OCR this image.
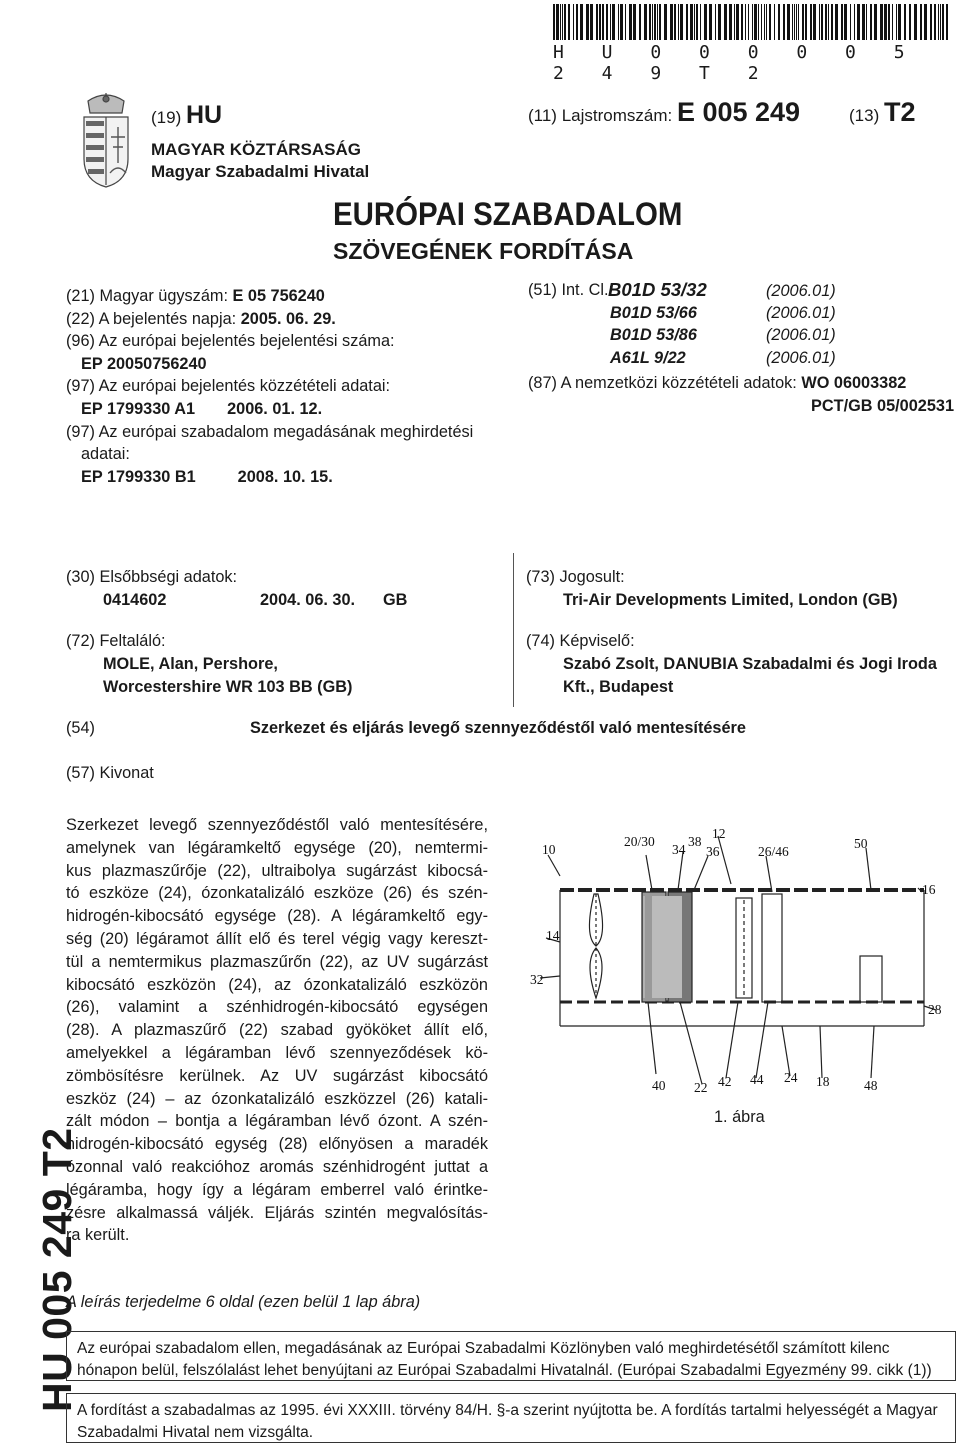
H U 0 0 0 0 0 5 2 4 9 T 2
(19) HU	(11) Lajstromszám: E 005 249	(13) T2
MAGYAR KÖZTÁRSASÁG
Magyar Szabadalmi Hivatal
EURÓPAI SZABADALOM
SZÖVEGÉNEK FORDÍTÁSA
(21) Magyar ügyszám: E 05 756240
(22) A bejelentés napja: 2005. 06. 29.
(96) Az európai bejelentés bejelentési száma:
EP 20050756240
(97) Az európai bejelentés közzétételi adatai:
EP 1799330 A1 2006. 01. 12.
(97) Az európai szabadalom megadásának meghirdetési
adatai:
EP 1799330 B1	2008. 10. 15.
(51) Int. Cl.:
B01D 53/32	(2006.01)
B01D 53/66	(2006.01)
B01D 53/86	(2006.01)
A61L 9/22	(2006.01)
(87) A nemzetközi közzétételi adatok: WO 06003382
PCT/GB 05/002531
(30) Elsőbbségi adatok:
0414602	2004. 06. 30. GB
(72) Feltaláló:
MOLE, Alan, Pershore,
Worcestershire WR 103 BB (GB)
(73) Jogosult:
Tri-Air Developments Limited, London (GB)
(74) Képviselő:
Szabó Zsolt, DANUBIA Szabadalmi és Jogi Iroda
Kft., Budapest
(54)	Szerkezet és eljárás levegő szennyeződéstől való mentesítésére
(57) Kivonat

Szerkezet levegő szennyeződéstől való mentesítésére,

amelynek van légáramkeltő egysége (20), nemtermi-

kus plazmaszűrője (22), ultraibolya sugárzást kibocsá-

tó eszköze (24), ózonkatalizáló eszköze (26) és szén-

hidrogén-kibocsátó egysége (28). A légáramkeltő egy-

ség (20) légáramot állít elő és terel végig vagy kereszt-

tül a nemtermikus plazmaszűrőn (22), az UV sugárzást

kibocsátó eszközön (24), az ózonkatalizáló eszközön

(26), valamint a szénhidrogén-kibocsátó egységen

(28). A plazmaszűrő (22) szabad gyököket állít elő,

amelyekkel a légáramban lévő szennyeződések kö-

zömbösítésre kerülnek. Az UV sugárzást kibocsátó

eszköz (24) – az ózonkatalizáló eszközzel (26) katali-

zált módon – bontja a légáramban lévő ózont. A szén-

hidrogén-kibocsátó egység (28) előnyösen a maradék

ózonnal való reakcióhoz aromás szénhidrogént juttat a

légáramba, hogy így a légáram emberrel való érintke-

zésre alkalmassá váljék. Eljárás szintén megvalósítás-

ra került.

10
20/30
34
38
36
12
26/46
50
16
14
32
28
40 22 42 44 24 18	48
1. ábra
A leírás terjedelme 6 oldal (ezen belül 1 lap ábra)
HU 005 249 T2
Az európai szabadalom ellen, megadásának az Európai Szabadalmi Közlönyben való meghirdetésétől számított kilenc hónapon belül, felszólalást lehet benyújtani az Európai Szabadalmi Hivatalnál. (Európai Szabadalmi Egyezmény 99. cikk (1))
A fordítást a szabadalmas az 1995. évi XXXIII. törvény 84/H. §-a szerint nyújtotta be. A fordítás tartalmi helyességét a Magyar Szabadalmi Hivatal nem vizsgálta.
